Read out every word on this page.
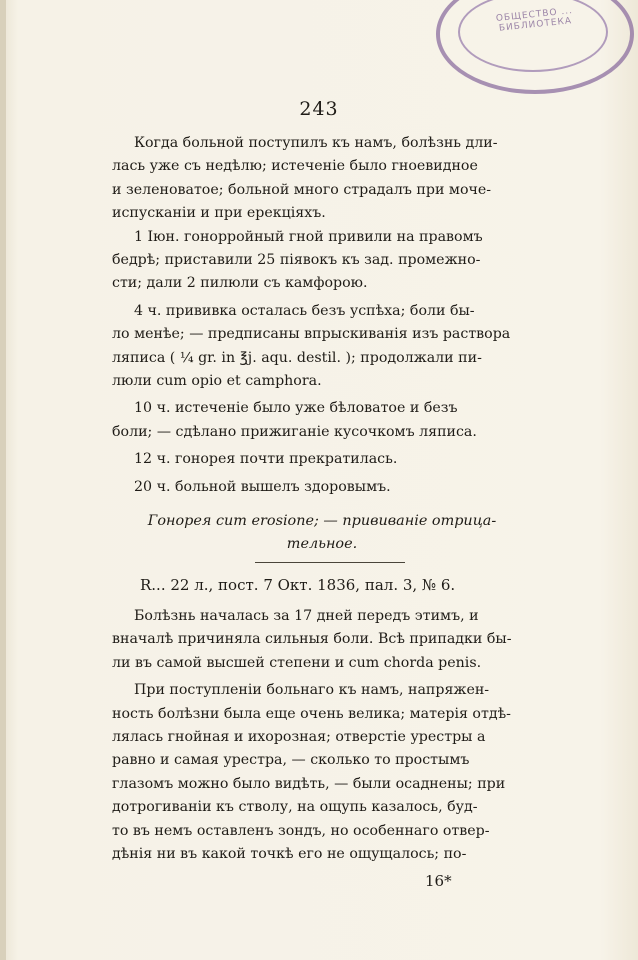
ОБЩЕСТВО ... БИБЛИОТЕКА
243
Когда больной поступилъ къ намъ, болѣзнь дли-
лась уже съ недѣлю; истеченіе было гноевидное
и зеленоватое; больной много страдалъ при моче-
испусканіи и при ерекціяхъ.
1 Іюн. гонорройный гной привили на правомъ
бедрѣ; приставили 25 піявокъ къ зад. промежно-
сти; дали 2 пилюли съ камфорою.
4 ч. прививка осталась безъ успѣха; боли бы-
ло менѣе; — предписаны впрыскиванія изъ раствора
ляписа ( ¼ gr. in ℥j. aqu. destil. ); продолжали пи-
люли cum opio et camphora.
10 ч. истеченіе было уже бѣловатое и безъ
боли; — сдѣлано прижиганіе кусочкомъ ляписа.
12 ч. гонорея почти прекратилась.
20 ч. больной вышелъ здоровымъ.
Гонорея cum erosione; — прививаніе отрица-
тельное.
R... 22 л., пост. 7 Окт. 1836, пал. 3, № 6.
Болѣзнь началась за 17 дней передъ этимъ, и
вначалѣ причиняла сильныя боли. Всѣ припадки бы-
ли въ самой высшей степени и cum chorda penis.
При поступленіи больнаго къ намъ, напряжен-
ность болѣзни была еще очень велика; матерія отдѣ-
лялась гнойная и ихорозная; отверстіе урестры а
равно и самая урестра, — сколько то простымъ
глазомъ можно было видѣть, — были осаднены; при
дотрогиваніи къ стволу, на ощупь казалось, буд-
то въ немъ оставленъ зондъ, но особеннаго отвер-
дѣнія ни въ какой точкѣ его не ощущалось; по-
16*
